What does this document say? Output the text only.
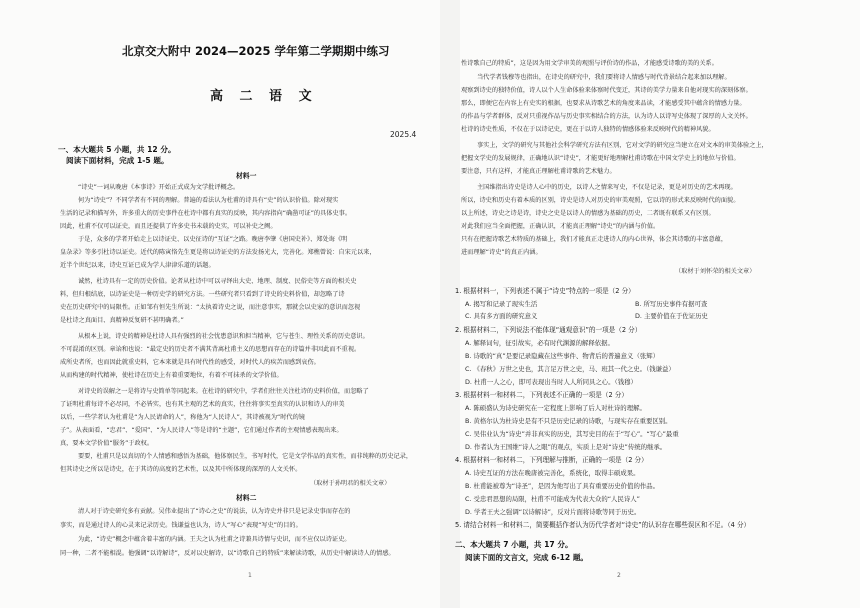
北京交大附中 2024—2025 学年第二学期期中练习
高 二 语 文
2025.4
一、本大题共 5 小题，共 12 分。
阅读下面材料，完成 1-5 题。
材料一
“诗史”一词从晚唐《本事诗》开始正式成为文学批评概念。
何为“诗史”？不同学者有不同的理解。普遍的看法认为杜甫的诗具有“史”的认识价值。除对现实
生活的记录和描写外，许多重大的历史事件在杜诗中都有真实的反映，其内容指向“确凿可证”的具体史事。
因此，杜甫不仅可以证史，而且还提供了许多史书未载的史实，可以补史之阙。
于是，众多的学者开始走上以诗证史、以史征诗的“互证”之路。晚唐李肇《唐国史补》、郑处诲《明
皇杂录》等多引杜诗以证史。近代的陈寅恪先生更是将以诗证史的方法发扬光大，完善化。郑樵曾说：自宋元以来，
近半个世纪以来，诗史互证已成为学人津津乐道的话题。
诚然，杜诗具有一定的历史价值。论者从杜诗中可以寻绎出大史、地理、制度、民俗史等方面的相关史
料，但归根结底，以诗证史是一种历史学的研究方法。一些研究者只看到了诗史的史料价值，却忽略了诗
史在历史研究中的局限性。正如邹有恒先生所说：“太执着诗史之说，而注意事实，那就会以史家的意识而忽视
是杜诗之真面目、真精神反复研不甚明确者。”
从根本上说，诗史的精神是杜诗人具有强烈的社会忧患意识和担当精神，它与苍生、理性关系的历史意识。
不可混淆的区别。章诒和也说：“最定史的历史者不满其背离杜甫主义的思想而存在的诗篇并非因此而不重视。
成所史者所，也而因此就重史料，它本来就是具有时代性的感受，对时代人的疾苦而感到哀伤。
从而构建的时代精神，使杜诗在历史上有着重要地位，有着不可抹杀的文学价值。
对诗史的误解之一是将诗与史简单等同起来。在杜诗的研究中，学者们往往关注杜诗的史料价值，而忽略了
了证明杜甫每诗不必尽同，不必皆实，也有其主观的艺术的真实，往往将事实至真实的认识和诗人的审美
以后，一些学者认为杜甫是“为人民请命的人”，称他为“人民诗人”，其诗被视为“时代的镜
子”。从表面看，“忠君”、“爱国”、“为人民诗人”等是诗的“主题”，它们通过作者的主观情感表现出来。
真，要本文学价值“服务”于政权。
要要，杜甫只是以真切的个人情感和感悟为基础，他体察民生，书写时代，它是文学作品的真实性，而非纯粹的历史记录，
但其诗史之所以是诗史，在于其诗的高度的艺术性，以及其中所体现的深厚的人文关怀。
（取材于孙明君的相关文章）
材料二
清人对于诗史研究多有贡献。吴伟业提出了“诗心之史”的说法，认为诗史并非只是记录史事而存在的
事实，而是通过诗人的心灵来记录历史。钱谦益也认为，诗人“写心”表现“写史”的目的。
为此，“诗史”概念中蕴含着丰富的内涵。王夫之认为杜甫之诗兼具诗情与史识，而不应仅以诗证史。
同一种，二者不能相混。他强调“以诗解诗”，反对以史解诗，以“诗歌自己的特质”来解读诗歌，从历史中解读诗人的情感。
1
性诗歌自己的特质”，这是因为用文学审美的观照与评价诗的作品，才能感受诗歌的美的关系。
当代学者钱穆等也指出，在诗史的研究中，我们要将诗人情感与时代背景结合起来加以理解。
观察到诗史的独特价值，诗人以个人生命体验来体察时代变迁，其诗的美学力量来自他对现实的深刻体察。
那么，即便它在内容上有史实的根据，也要求从诗歌艺术的角度来品读，才能感受其中蕴含的情感力量。
的作品与学者群体，反对只重视作品与历史事实相结合的方法，认为诗人以诗写史体现了深厚的人文关怀。
杜诗的诗史性质，不仅在于以诗记史，更在于以诗人独特的情感体验来反映时代的精神风貌。
事实上，文学的研究与其他社会科学研究方法有区别，它对文学的研究应当建立在对文本的审美体验之上，
把握文学史的发展规律，正确地认识“诗史”，才能更好地理解杜甫诗歌在中国文学史上的地位与价值。
要注意，只有这样，才能真正理解杜甫诗歌的艺术魅力。
主国维指出诗史是诗人心中的历史，以诗人之情来写史，不仅是记录，更是对历史的艺术再现。
所以，诗史和历史有着本质的区别，诗史是诗人对历史的审美观照，它以诗的形式来反映时代的面貌。
以上所述，诗史之诗是诗，诗史之史是以诗人的情感为基础的历史，二者既有联系又有区别。
对此我们应当全面把握，正确认识，才能真正理解“诗史”的内涵与价值。
只有在把握诗歌艺术特质的基础上，我们才能真正走进诗人的内心世界，体会其诗歌的丰富意蕴，
进而理解“诗史”的真正内涵。
（取材于刘怀荣的相关文章）
1. 根据材料一，下列表述不属于“诗史”特点的一项是（2 分）
A. 揭写和记录了现实生活	B. 所写历史事件有据可查
C. 具有多方面的研究意义	D. 主要价值在于佐证历史
2. 根据材料二，下列说法不能体现“通观意识”的一项是（2 分）
A. 解释词句，征引故实，必有时代渊源的解释依据。
B. 诗歌的“真”是要记录隐藏在这些事件、物背后的普遍意义（张辉）
C. 《春秋》万世之史也，其言足万世之史，马、班其一代之史。（钱谦益）
D. 杜甫一人之心，即可表现出当时人人所同具之心。（钱穆）
3. 根据材料一和材料二，下列表述不正确的一项是（2 分）
A. 陈硕盛认为诗史研究在一定程度上影响了后人对杜诗的理解。
B. 黄格尔认为杜诗史是有不只是历史记录的诗歌，与现实存在重要区别。
C. 吴伟业认为“诗史”并非真实的历史，其写史目的在于“写心”。“写心”最重
D. 作者认为王国维“诗人之眼”的观点，实质上是对“诗史”传统的继承。
4. 根据材料一和材料二，下列理解与推断，正确的一项是（2 分）
A. 诗史互证的方法在晚唐被完善化，系统化，取得丰硕成果。
B. 杜甫能被尊为“诗圣”，是因为他写出了具有重要历史价值的作品。
C. 受忠君思想的局限，杜甫不可能成为代表大众的“人民诗人”
D. 学者王夫之强调“以诗解诗”，反对片面将诗歌等同于历史。
5. 请结合材料一和材料二，简要概括作者认为历代学者对“诗史”的认识存在哪些误区和不足。（4 分）
二、本大题共 7 小题，共 17 分。
阅读下面的文言文，完成 6-12 题。
2
